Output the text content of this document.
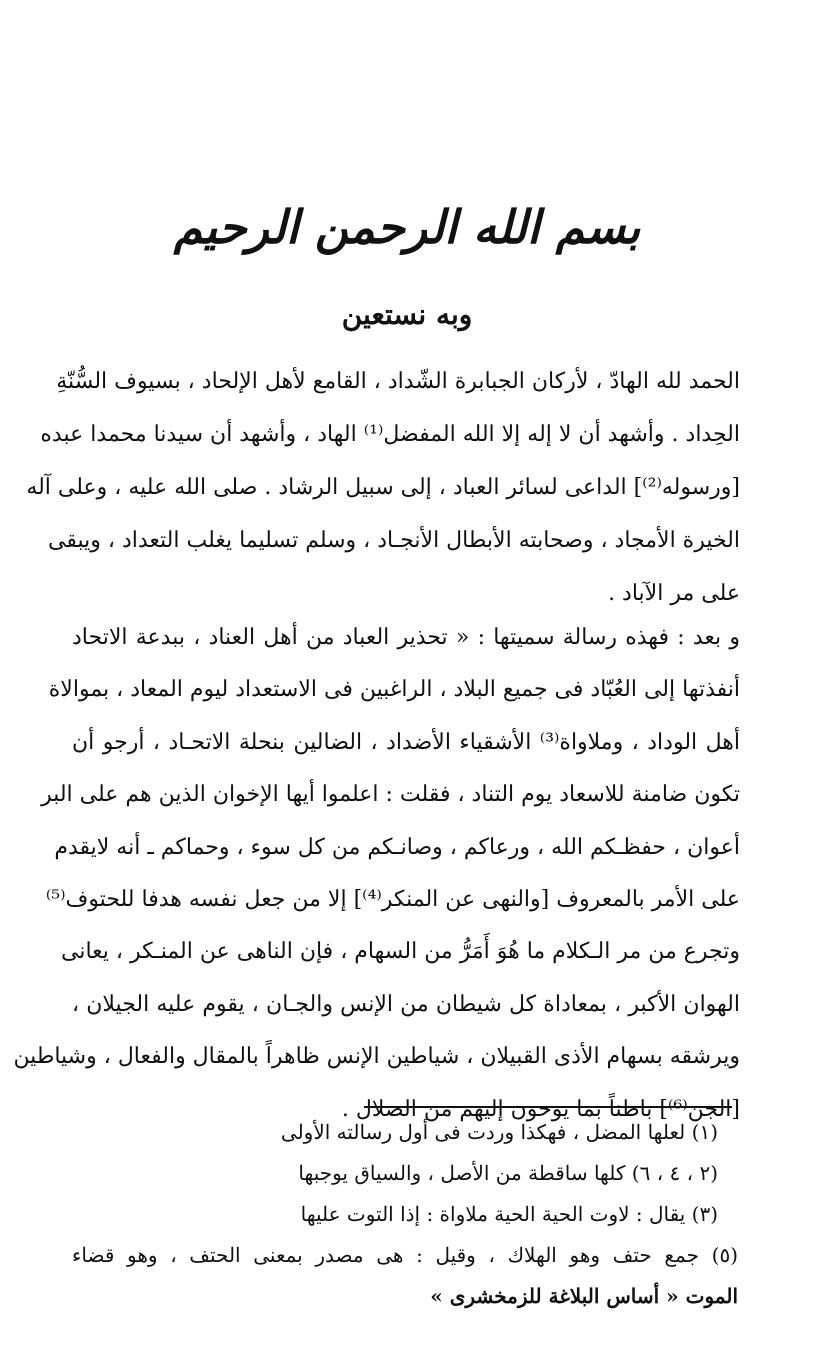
بسم الله الرحمن الرحيم
وبه نستعين
الحمد لله الهادّ ، لأركان الجبابرة الشّداد ، القامع لأهل الإلحاد ، بسيوف السُّنّةِ
الحِداد . وأشهد أن لا إله إلا الله المفضل⁽¹⁾ الهاد ، وأشهد أن سيدنا محمدا عبده
[ورسوله⁽²⁾] الداعى لسائر العباد ، إلى سبيل الرشاد . صلى الله عليه ، وعلى آله
الخيرة الأمجاد ، وصحابته الأبطال الأنجـاد ، وسلم تسليما يغلب التعداد ، ويبقى
على مر الآباد .
و بعد : فهذه رسالة سميتها : « تحذير العباد من أهل العناد ، ببدعة الاتحاد
أنفذتها إلى العُبّاد فى جميع البلاد ، الراغبين فى الاستعداد ليوم المعاد ، بموالاة
أهل الوداد ، وملاواة⁽³⁾ الأشقياء الأضداد ، الضالين بنحلة الاتحـاد ، أرجو أن
تكون ضامنة للاسعاد يوم التناد ، فقلت : اعلموا أيها الإخوان الذين هم على البر
أعوان ، حفظـكم الله ، ورعاكم ، وصانـكم من كل سوء ، وحماكم ـ أنه لايقدم
على الأمر بالمعروف [والنهى عن المنكر⁽⁴⁾] إلا من جعل نفسه هدفا للحتوف⁽⁵⁾
وتجرع من مر الـكلام ما هُوَ أَمَرُّ من السهام ، فإن الناهى عن المنـكر ، يعانى
الهوان الأكبر ، بمعاداة كل شيطان من الإنس والجـان ، يقوم عليه الجيلان ،
ويرشقه بسهام الأذى القبيلان ، شياطين الإنس ظاهراً بالمقال والفعال ، وشياطين
[الجن⁽⁶⁾] باطناً بما يوحون إليهم من الضلال .
(١) لعلها المضل ، فهكذا وردت فى أول رسالته الأولى
(٢ ، ٤ ، ٦) كلها ساقطة من الأصل ، والسياق يوجبها
(٣) يقال : لاوت الحية الحية ملاواة : إذا التوت عليها
(٥) جمع حتف وهو الهلاك ، وقيل : هى مصدر بمعنى الحتف ، وهو قضاء
الموت « أساس البلاغة للزمخشرى »
